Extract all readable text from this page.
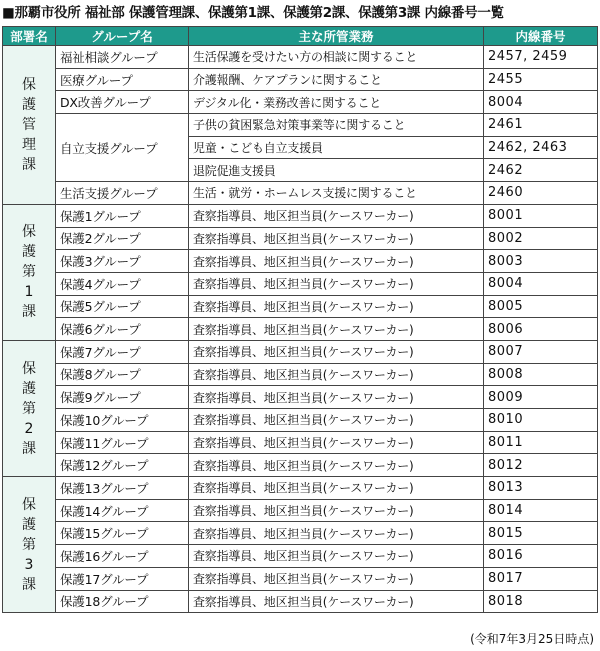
■那覇市役所 福祉部 保護管理課、保護第1課、保護第2課、保護第3課 内線番号一覧
部署名	グループ名	主な所管業務	内線番号
保護管理課	福祉相談グループ	生活保護を受けたい方の相談に関すること	2457, 2459
	医療グループ	介護報酬、ケアプランに関すること	2455
	DX改善グループ	デジタル化・業務改善に関すること	8004
	自立支援グループ	子供の貧困緊急対策事業等に関すること	2461
		児童・こども自立支援員	2462, 2463
		退院促進支援員	2462
	生活支援グループ	生活・就労・ホームレス支援に関すること	2460
保護第1課	保護1グループ	査察指導員、地区担当員(ケースワーカー)	8001
	保護2グループ	査察指導員、地区担当員(ケースワーカー)	8002
	保護3グループ	査察指導員、地区担当員(ケースワーカー)	8003
	保護4グループ	査察指導員、地区担当員(ケースワーカー)	8004
	保護5グループ	査察指導員、地区担当員(ケースワーカー)	8005
	保護6グループ	査察指導員、地区担当員(ケースワーカー)	8006
保護第2課	保護7グループ	査察指導員、地区担当員(ケースワーカー)	8007
	保護8グループ	査察指導員、地区担当員(ケースワーカー)	8008
	保護9グループ	査察指導員、地区担当員(ケースワーカー)	8009
	保護10グループ	査察指導員、地区担当員(ケースワーカー)	8010
	保護11グループ	査察指導員、地区担当員(ケースワーカー)	8011
	保護12グループ	査察指導員、地区担当員(ケースワーカー)	8012
保護第3課	保護13グループ	査察指導員、地区担当員(ケースワーカー)	8013
	保護14グループ	査察指導員、地区担当員(ケースワーカー)	8014
	保護15グループ	査察指導員、地区担当員(ケースワーカー)	8015
	保護16グループ	査察指導員、地区担当員(ケースワーカー)	8016
	保護17グループ	査察指導員、地区担当員(ケースワーカー)	8017
	保護18グループ	査察指導員、地区担当員(ケースワーカー)	8018
(令和7年3月25日時点)
